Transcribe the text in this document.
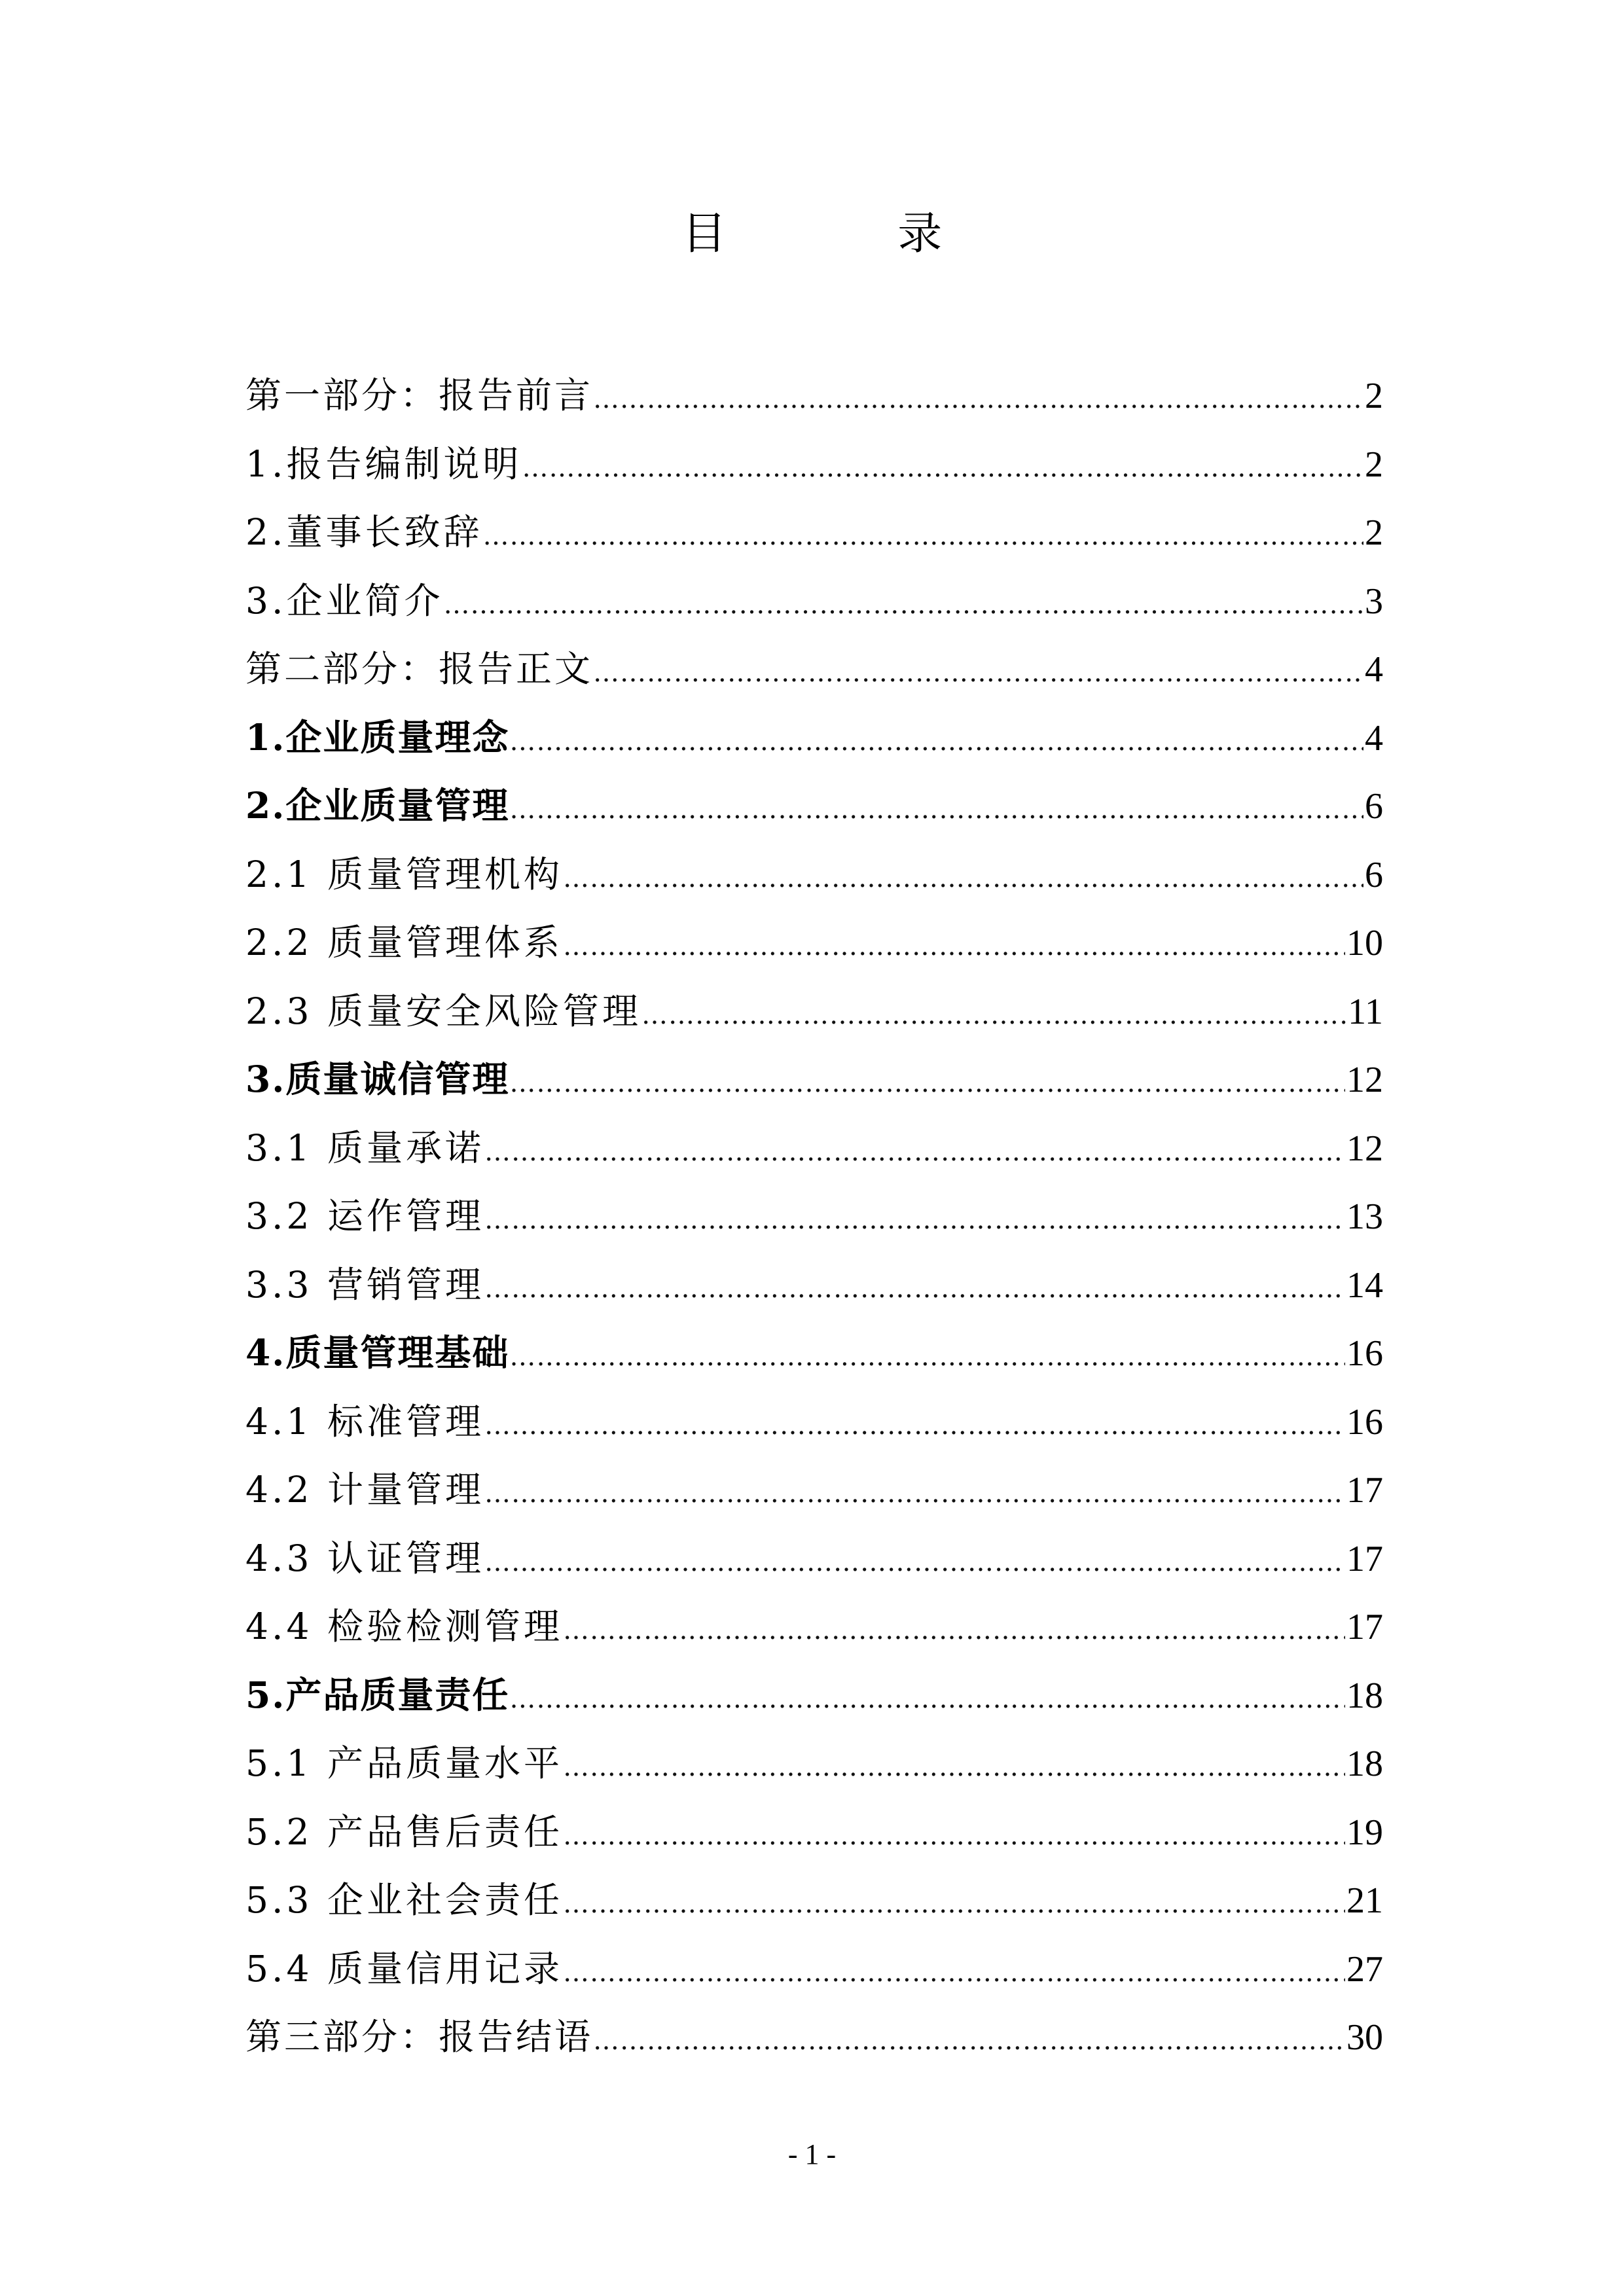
目 录
第一部分：报告前言 …………………………………………………………………………………………………………………………………………………………………………………………………………………………………………	2
1.报告编制说明 …………………………………………………………………………………………………………………………………………………………………………………………………………………………………………	2
2.董事长致辞 …………………………………………………………………………………………………………………………………………………………………………………………………………………………………………	2
3.企业简介 …………………………………………………………………………………………………………………………………………………………………………………………………………………………………………	3
第二部分：报告正文 …………………………………………………………………………………………………………………………………………………………………………………………………………………………………………	4
1.企业质量理念 …………………………………………………………………………………………………………………………………………………………………………………………………………………………………………	4
2.企业质量管理 …………………………………………………………………………………………………………………………………………………………………………………………………………………………………………	6
2.1 质量管理机构 …………………………………………………………………………………………………………………………………………………………………………………………………………………………………………	6
2.2 质量管理体系 …………………………………………………………………………………………………………………………………………………………………………………………………………………………………………	10
2.3 质量安全风险管理 …………………………………………………………………………………………………………………………………………………………………………………………………………………………………………	11
3.质量诚信管理 …………………………………………………………………………………………………………………………………………………………………………………………………………………………………………	12
3.1 质量承诺 …………………………………………………………………………………………………………………………………………………………………………………………………………………………………………	12
3.2 运作管理 …………………………………………………………………………………………………………………………………………………………………………………………………………………………………………	13
3.3 营销管理 …………………………………………………………………………………………………………………………………………………………………………………………………………………………………………	14
4.质量管理基础 …………………………………………………………………………………………………………………………………………………………………………………………………………………………………………	16
4.1 标准管理 …………………………………………………………………………………………………………………………………………………………………………………………………………………………………………	16
4.2 计量管理 …………………………………………………………………………………………………………………………………………………………………………………………………………………………………………	17
4.3 认证管理 …………………………………………………………………………………………………………………………………………………………………………………………………………………………………………	17
4.4 检验检测管理 …………………………………………………………………………………………………………………………………………………………………………………………………………………………………………	17
5.产品质量责任 …………………………………………………………………………………………………………………………………………………………………………………………………………………………………………	18
5.1 产品质量水平 …………………………………………………………………………………………………………………………………………………………………………………………………………………………………………	18
5.2 产品售后责任 …………………………………………………………………………………………………………………………………………………………………………………………………………………………………………	19
5.3 企业社会责任 …………………………………………………………………………………………………………………………………………………………………………………………………………………………………………	21
5.4 质量信用记录 …………………………………………………………………………………………………………………………………………………………………………………………………………………………………………	27
第三部分：报告结语 …………………………………………………………………………………………………………………………………………………………………………………………………………………………………………	30
- 1 -
